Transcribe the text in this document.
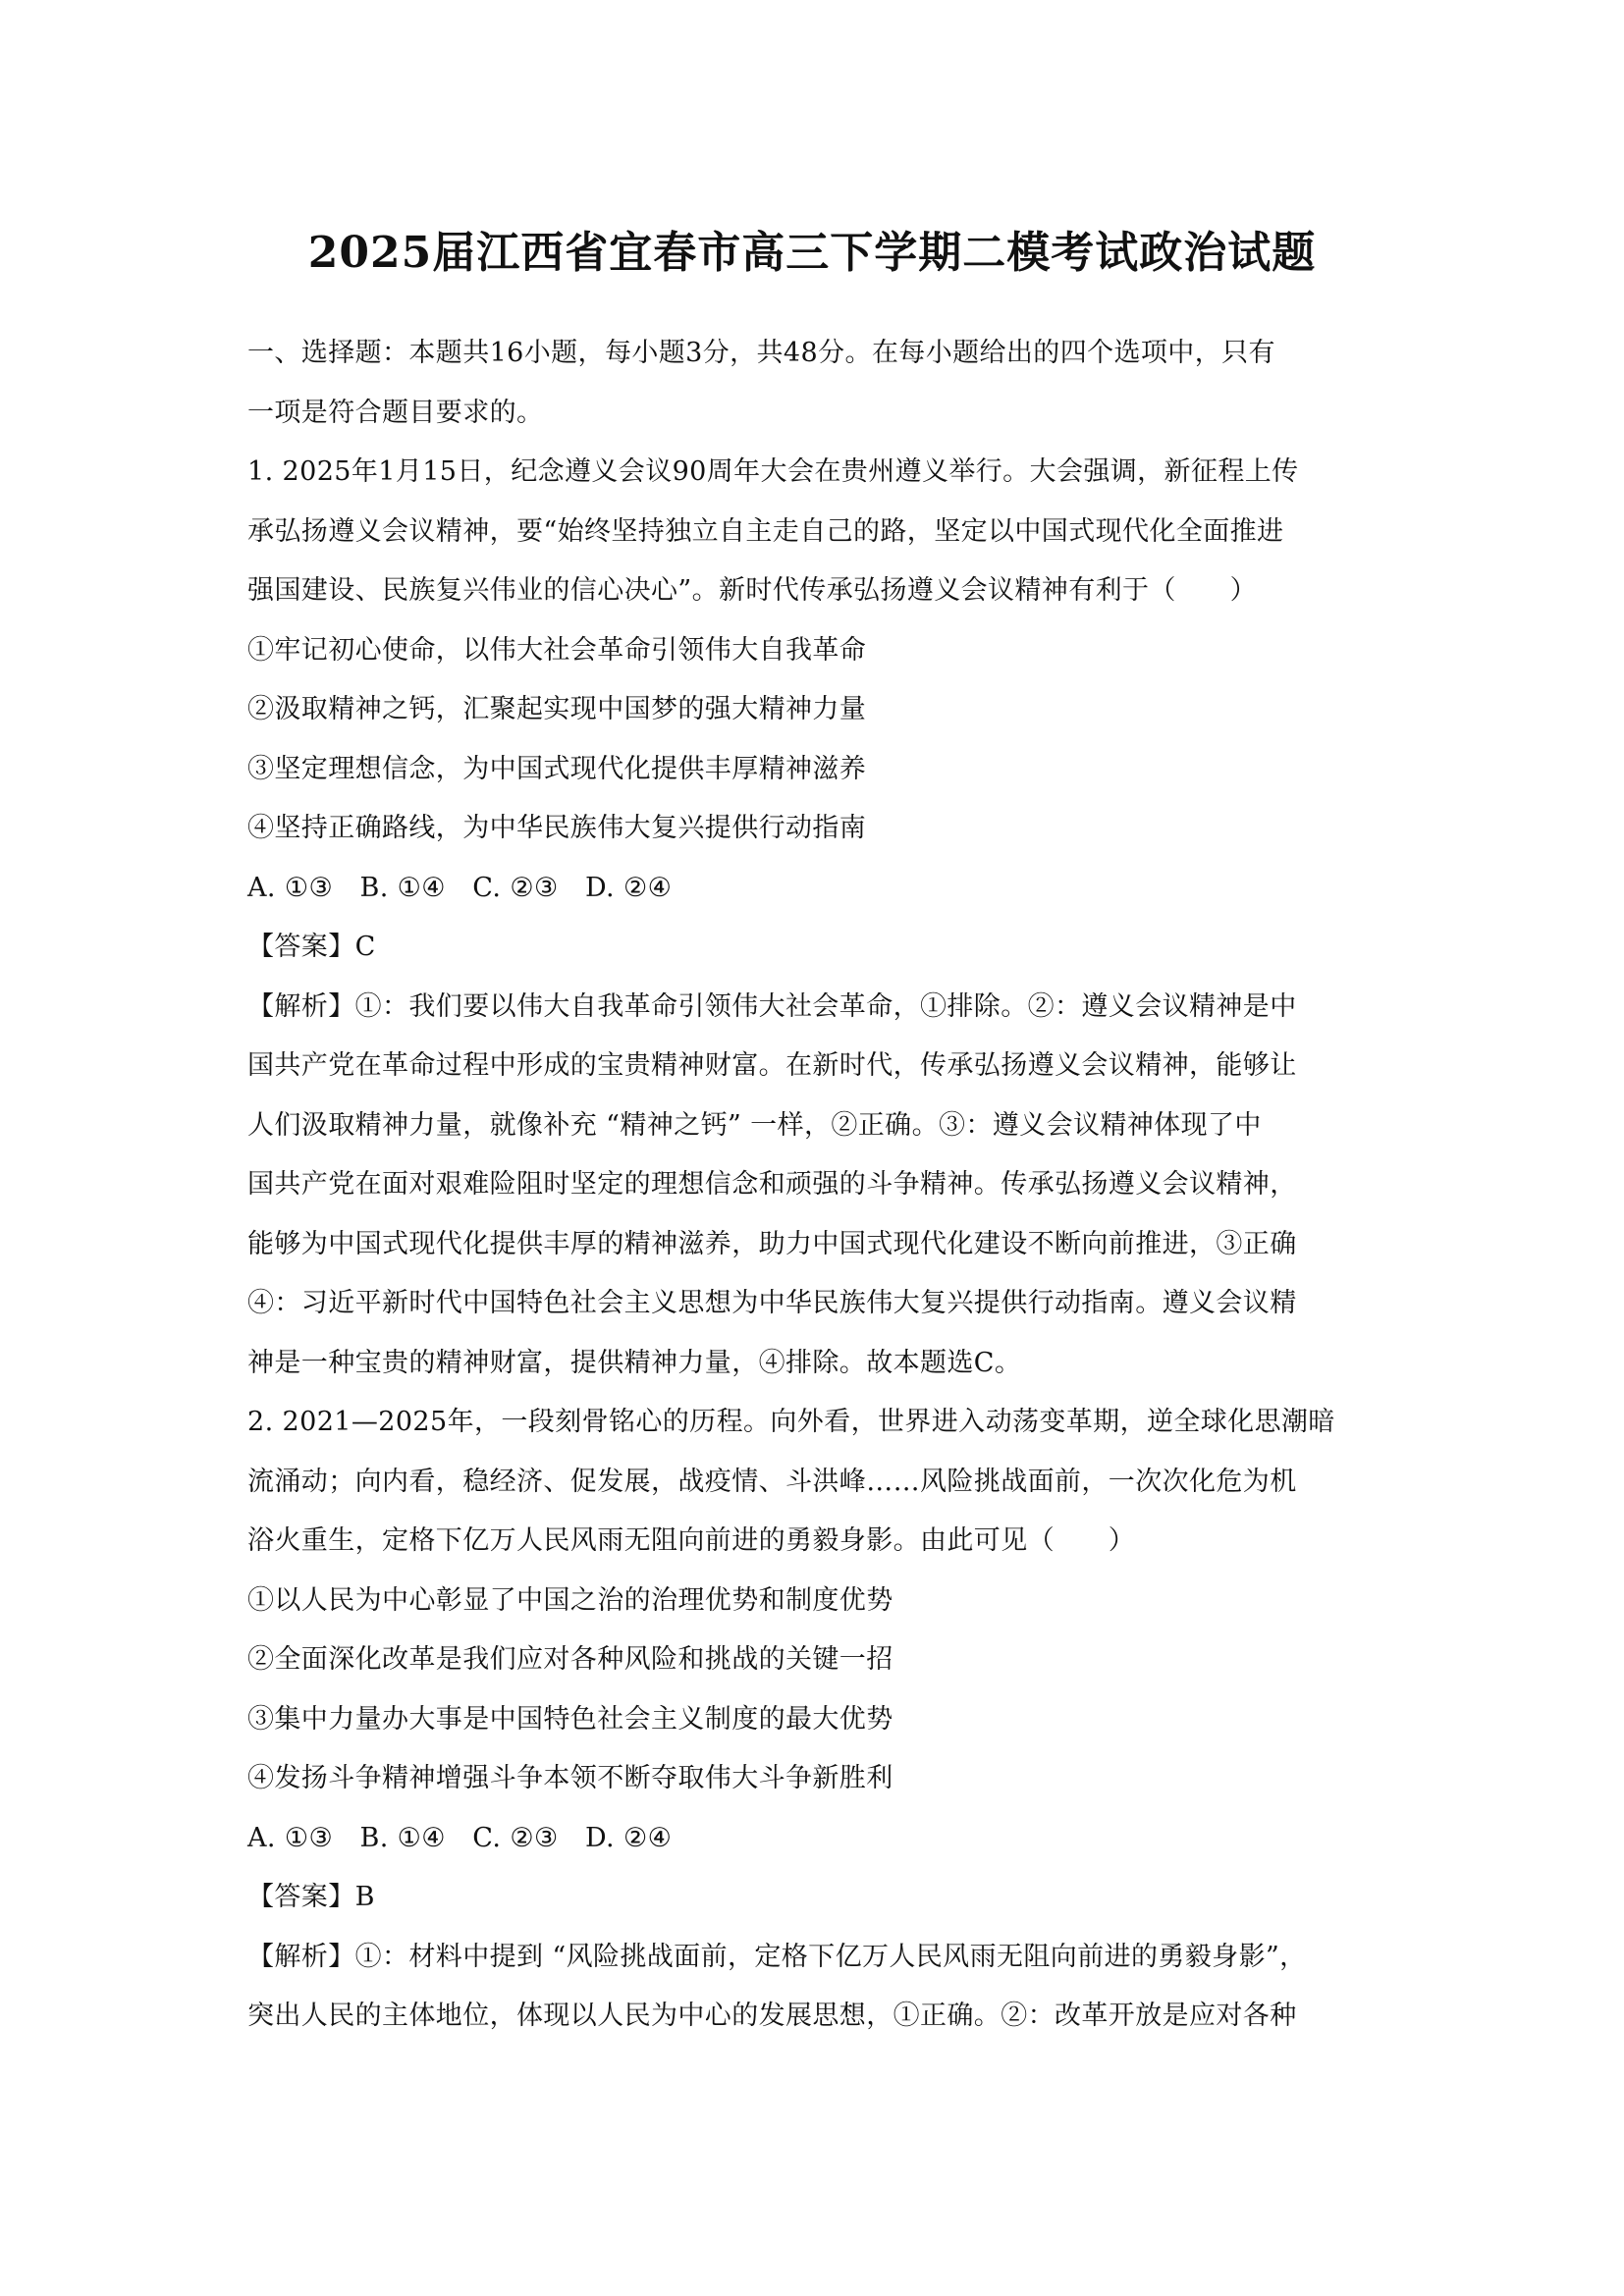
2025届江西省宜春市高三下学期二模考试政治试题
一、选择题：本题共16小题，每小题3分，共48分。在每小题给出的四个选项中，只有
一项是符合题目要求的。
1. 2025年1月15日，纪念遵义会议90周年大会在贵州遵义举行。大会强调，新征程上传
承弘扬遵义会议精神，要“始终坚持独立自主走自己的路，坚定以中国式现代化全面推进
强国建设、民族复兴伟业的信心决心”。新时代传承弘扬遵义会议精神有利于（　　）
①牢记初心使命，以伟大社会革命引领伟大自我革命
②汲取精神之钙，汇聚起实现中国梦的强大精神力量
③坚定理想信念，为中国式现代化提供丰厚精神滋养
④坚持正确路线，为中华民族伟大复兴提供行动指南
A. ①③　B. ①④　C. ②③　D. ②④
【答案】C
【解析】①：我们要以伟大自我革命引领伟大社会革命，①排除。②：遵义会议精神是中
国共产党在革命过程中形成的宝贵精神财富。在新时代，传承弘扬遵义会议精神，能够让
人们汲取精神力量，就像补充 “精神之钙” 一样，②正确。③：遵义会议精神体现了中
国共产党在面对艰难险阻时坚定的理想信念和顽强的斗争精神。传承弘扬遵义会议精神，
能够为中国式现代化提供丰厚的精神滋养，助力中国式现代化建设不断向前推进，③正确
④：习近平新时代中国特色社会主义思想为中华民族伟大复兴提供行动指南。遵义会议精
神是一种宝贵的精神财富，提供精神力量，④排除。故本题选C。
2. 2021—2025年，一段刻骨铭心的历程。向外看，世界进入动荡变革期，逆全球化思潮暗
流涌动；向内看，稳经济、促发展，战疫情、斗洪峰……风险挑战面前，一次次化危为机
浴火重生，定格下亿万人民风雨无阻向前进的勇毅身影。由此可见（　　）
①以人民为中心彰显了中国之治的治理优势和制度优势
②全面深化改革是我们应对各种风险和挑战的关键一招
③集中力量办大事是中国特色社会主义制度的最大优势
④发扬斗争精神增强斗争本领不断夺取伟大斗争新胜利
A. ①③　B. ①④　C. ②③　D. ②④
【答案】B
【解析】①：材料中提到 “风险挑战面前，定格下亿万人民风雨无阻向前进的勇毅身影”，
突出人民的主体地位，体现以人民为中心的发展思想，①正确。②：改革开放是应对各种
